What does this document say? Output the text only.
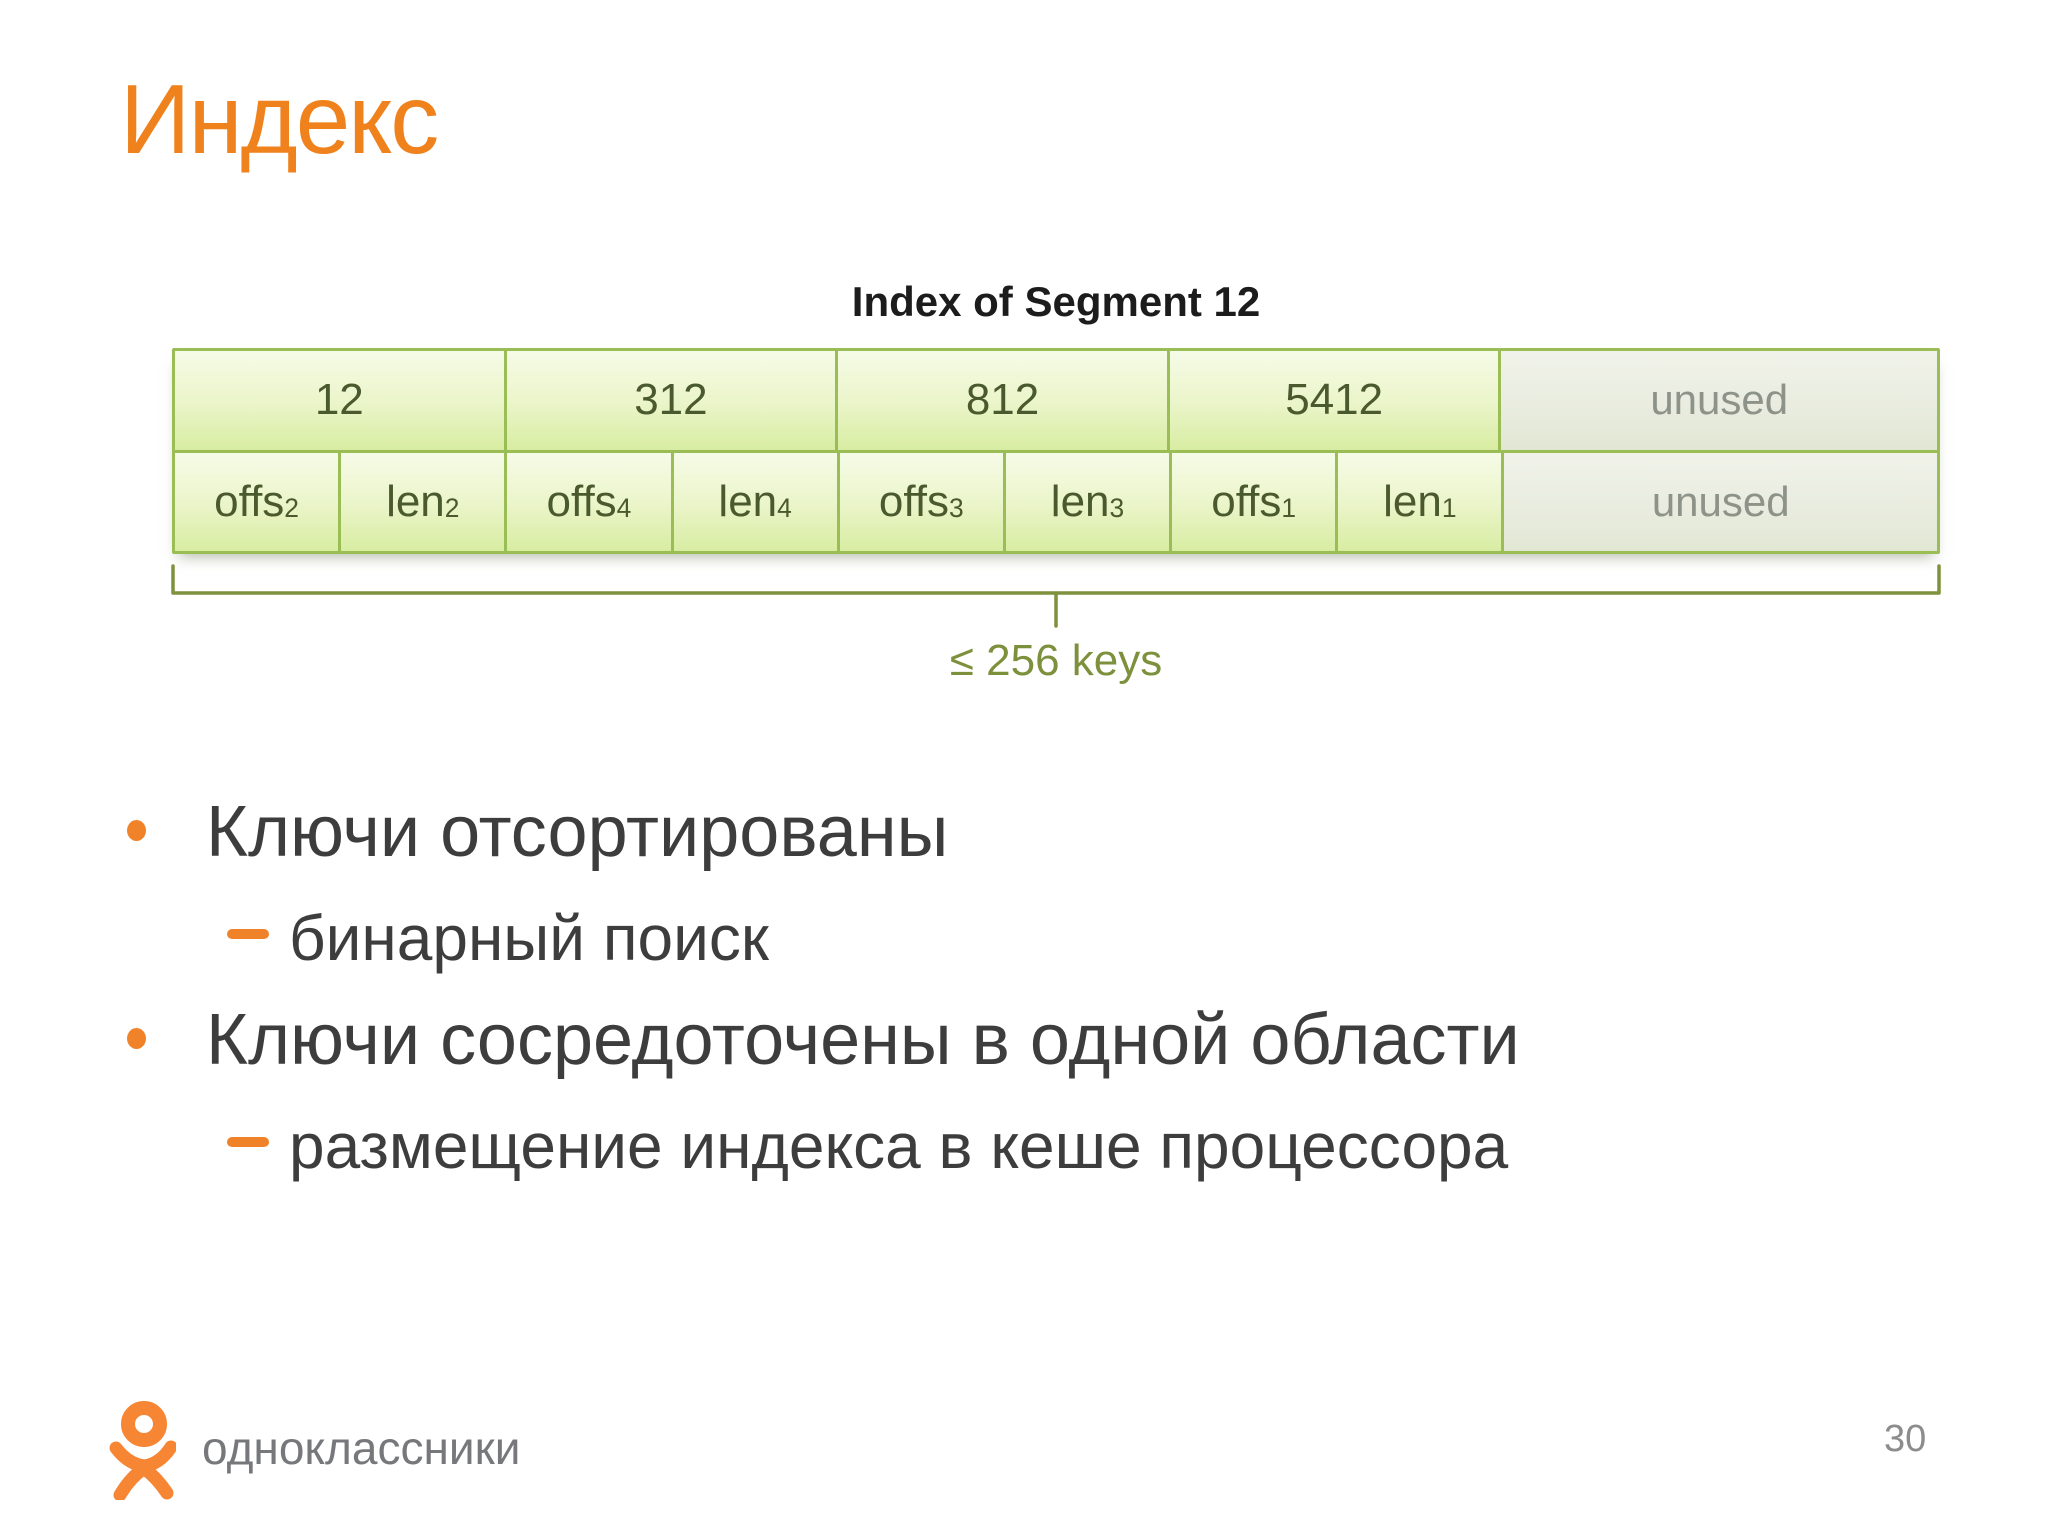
Индекс
Index of Segment 12
12	312	812	5412	unused
offs$_2$ len$_2$ offs$_4$ len$_4$ offs$_3$ len$_3$ offs$_1$ len$_1$	unused
≤ 256 keys
Ключи отсортированы
бинарный поиск
Ключи сосредоточены в одной области
размещение индекса в кеше процессора
одноклассники	30
